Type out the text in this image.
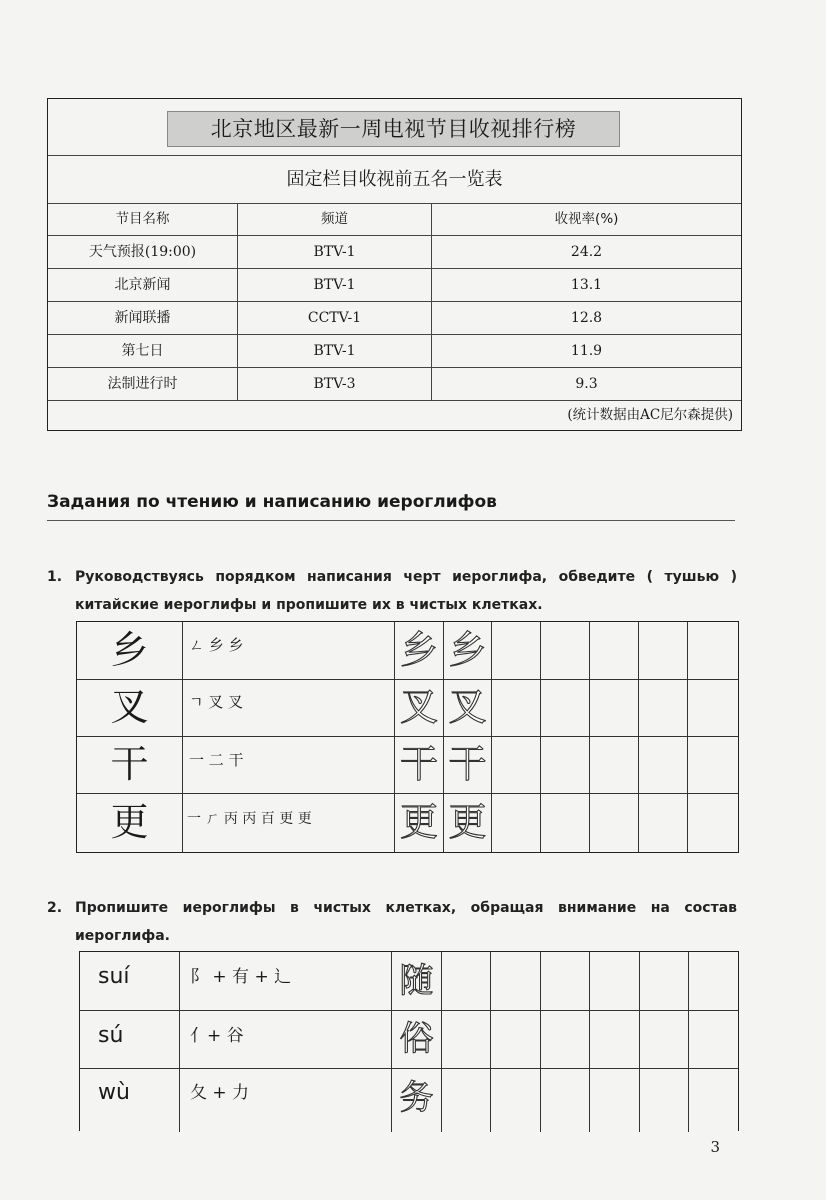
北京地区最新一周电视节目收视排行榜
固定栏目收视前五名一览表
节目名称	频道	收视率(%)
天气预报(19:00)	BTV-1	24.2
北京新闻	BTV-1	13.1
新闻联播	CCTV-1	12.8
第七日	BTV-1	11.9
法制进行时	BTV-3	9.3
(统计数据由AC尼尔森提供)
Задания по чтению и написанию иероглифов
1. Руководствуясь порядком написания черт иероглифа, обведите ( тушью ) китайские иероглифы и пропишите их в чистых клетках.
乡	ㄥ 乡 乡	乡 乡
叉	ㄱ 叉 叉	叉 叉
干	一 二 干	干 干
更	一 ㄏ 丙 丙 百 更 更	更 更
2. Пропишите иероглифы в чистых клетках, обращая внимание на состав иероглифа.
suí	阝 + 有 + 辶	随
sú	亻+ 谷	俗
wù	夂 + 力	务
3
